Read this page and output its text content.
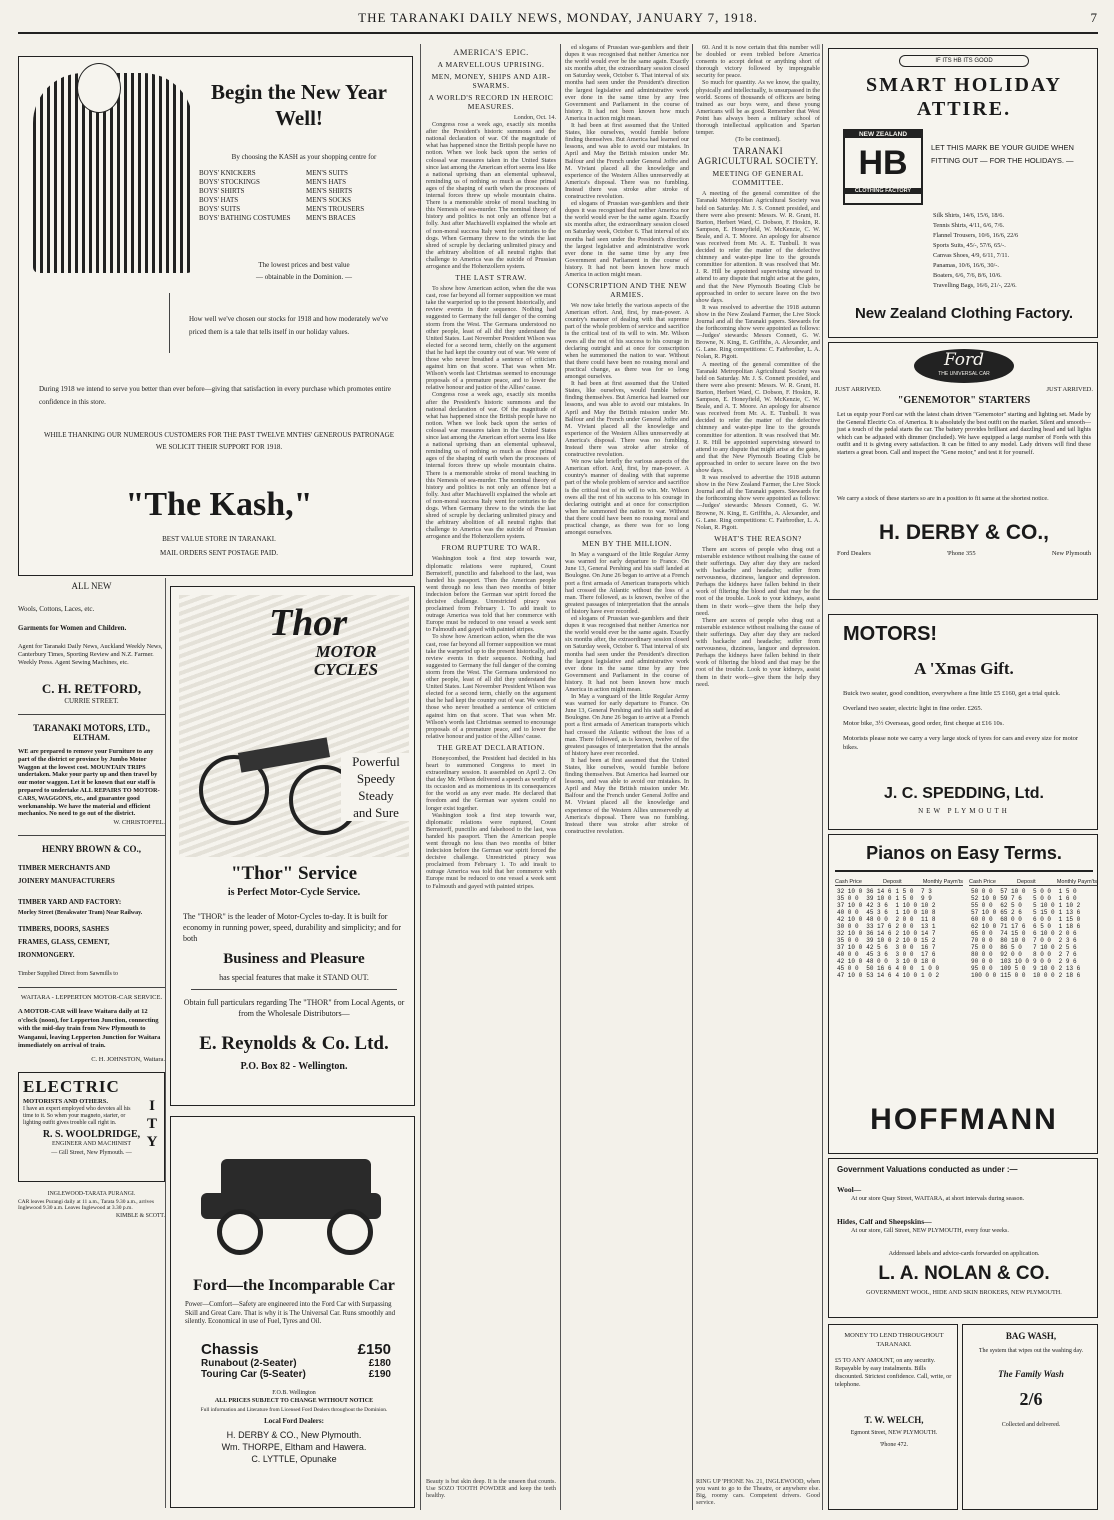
THE TARANAKI DAILY NEWS, MONDAY, JANUARY 7, 1918.	7
Begin the New Year Well!
By choosing the KASH as your shopping centre for
BOYS' KNICKERS
BOYS' STOCKINGS
BOYS' SHIRTS
BOYS' HATS
BOYS' SUITS
BOYS' BATHING COSTUMES
MEN'S SUITS
MEN'S HATS
MEN'S SHIRTS
MEN'S SOCKS
MEN'S TROUSERS
MEN'S BRACES
The lowest prices and best value
— obtainable in the Dominion. —
How well we've chosen our stocks for 1918 and how moderately we've priced them is a tale that tells itself in our holiday values.
During 1918 we intend to serve you better than ever before—giving that satisfaction in every purchase which promotes entire confidence in this store.
WHILE THANKING OUR NUMEROUS CUSTOMERS FOR THE PAST TWELVE MNTHS' GENEROUS PATRONAGE WE SOLICIT THEIR SUPPORT FOR 1918.
"The Kash,"
BEST VALUE STORE IN TARANAKI.
MAIL ORDERS SENT POSTAGE PAID.
ALL NEW
Wools, Cottons, Laces, etc.
Garments for Women and Children.
Agent for Taranaki Daily News, Auckland Weekly News, Canterbury Times, Sporting Review and N.Z. Farmer. Weekly Press. Agent Sewing Machines, etc.
C. H. RETFORD,
CURRIE STREET.
TARANAKI MOTORS, LTD.,
ELTHAM.
WE are prepared to remove your Furniture to any part of the district or province by Jumbo Motor Waggon at the lowest cost. MOUNTAIN TRIPS undertaken. Make your party up and then travel by our motor waggon. Let it be known that our staff is prepared to undertake ALL REPAIRS TO MOTOR-CARS, WAGGONS, etc., and guarantee good workmanship. We have the material and efficient mechanics. No need to go out of the district.
W. CHRISTOFFEL.
HENRY BROWN & CO.,
TIMBER MERCHANTS AND
JOINERY MANUFACTURERS
TIMBER YARD AND FACTORY:
Morley Street (Breakwater Tram) Near Railway.
TIMBERS, DOORS, SASHES
FRAMES, GLASS, CEMENT,
IRONMONGERY.
Timber Supplied Direct from Sawmills to
WAITARA - LEPPERTON MOTOR-CAR SERVICE.
A MOTOR-CAR will leave Waitara daily at 12 o'clock (noon), for Lepperton Junction, connecting with the mid-day train from New Plymouth to Wanganui, leaving Lepperton Junction for Waitara immediately on arrival of train.
C. H. JOHNSTON, Waitara.
ELECTRIC
ITY
MOTORISTS AND OTHERS.
I have an expert employed who devotes all his time to it. So when your magneto, starter, or lighting outfit gives trouble call right in.
R. S. WOOLDRIDGE,
ENGINEER AND MACHINIST
— Gill Street, New Plymouth. —
INGLEWOOD-TARATA PURANGI.
CAR leaves Purangi daily at 11 a.m., Tarata 9.30 a.m., arrives Inglewood 9.30 a.m. Leaves Inglewood at 3.30 p.m.
KIMBLE & SCOTT.
Thor
MOTOR CYCLES
Powerful
Speedy
Steady
and Sure
"Thor" Service
is Perfect Motor-Cycle Service.
The "THOR" is the leader of Motor-Cycles to-day. It is built for economy in running power, speed, durability and simplicity; and for both
Business and Pleasure
has special features that make it STAND OUT.
Obtain full particulars regarding The "THOR" from Local Agents, or from the Wholesale Distributors—
E. Reynolds & Co. Ltd.
P.O. Box 82 - Wellington.
Ford—the Incomparable Car
Power—Comfort—Safety are engineered into the Ford Car with Surpassing Skill and Great Care. That is why it is The Universal Car. Runs smoothly and silently. Economical in use of Fuel, Tyres and Oil.
Chassis	£150
Runabout (2-Seater)	£180
Touring Car (5-Seater)	£190
F.O.B. Wellington
ALL PRICES SUBJECT TO CHANGE WITHOUT NOTICE
Full information and Literature from Licensed Ford Dealers throughout the Dominion.
Local Ford Dealers:
H. DERBY & CO., New Plymouth.
Wm. THORPE, Eltham and Hawera.
C. LYTTLE, Opunake
AMERICA'S EPIC.
A MARVELLOUS UPRISING.
MEN, MONEY, SHIPS AND AIR-SWARMS.
A WORLD'S RECORD IN HEROIC MEASURES.
London, Oct. 14.

Congress rose a week ago, exactly six months after the President's historic summons and the national declaration of war. Of the magnitude of what has happened since the British people have no notion. When we look back upon the series of colossal war measures taken in the United States since last among the American effort seems less like a national uprising than an elemental upheaval, reminding us of nothing so much as those primal ages of the shaping of earth when the processes of internal forces threw up whole mountain chains. There is a memorable stroke of moral teaching in this Nemesis of sea-murder. The nominal theory of history and politics is not only an offence but a folly. Just after Machiavelli explained the whole art of non-moral success Italy went for centuries to the dogs. When Germany threw to the winds the last shred of scruple by declaring unlimited piracy and the arbitrary abolition of all neutral rights that challenge to America was the suicide of Prussian arrogance and the Hohenzollern system.

THE LAST STRAW.

To show how American action, when the die was cast, rose far beyond all former supposition we must take the warperiod up to the present historically, and review events in their sequence. Nothing had suggested to Germany the full danger of the coming storm from the West. The Germans understood no other people, least of all did they understand the United States. Last November President Wilson was elected for a second term, chiefly on the argument that he had kept the country out of war. We were of those who never breathed a sentence of criticism against him on that score. That was when Mr. Wilson's words last Christmas seemed to encourage proposals of a premature peace, and to lower the relative honour and justice of the Allies' cause.

Congress rose a week ago, exactly six months after the President's historic summons and the national declaration of war. Of the magnitude of what has happened since the British people have no notion. When we look back upon the series of colossal war measures taken in the United States since last among the American effort seems less like a national uprising than an elemental upheaval, reminding us of nothing so much as those primal ages of the shaping of earth when the processes of internal forces threw up whole mountain chains. There is a memorable stroke of moral teaching in this Nemesis of sea-murder. The nominal theory of history and politics is not only an offence but a folly. Just after Machiavelli explained the whole art of non-moral success Italy went for centuries to the dogs. When Germany threw to the winds the last shred of scruple by declaring unlimited piracy and the arbitrary abolition of all neutral rights that challenge to America was the suicide of Prussian arrogance and the Hohenzollern system.

FROM RUPTURE TO WAR.

Washington took a first step towards war, diplomatic relations were ruptured, Count Bernstorff, punctilio and falsehood to the last, was handed his passport. Then the American people went through no less than two months of bitter indecision before the German war spirit forced the decisive challenge. Unrestricted piracy was proclaimed from February 1. To add insult to outrage America was told that her commerce with Europe must be reduced to one vessel a week sent to Falmouth and gayed with painted stripes.

To show how American action, when the die was cast, rose far beyond all former supposition we must take the warperiod up to the present historically, and review events in their sequence. Nothing had suggested to Germany the full danger of the coming storm from the West. The Germans understood no other people, least of all did they understand the United States. Last November President Wilson was elected for a second term, chiefly on the argument that he had kept the country out of war. We were of those who never breathed a sentence of criticism against him on that score. That was when Mr. Wilson's words last Christmas seemed to encourage proposals of a premature peace, and to lower the relative honour and justice of the Allies' cause.

THE GREAT DECLARATION.

Honeycombed, the President had decided in his heart to summoned Congress to meet in extraordinary session. It assembled on April 2. On that day Mr. Wilson delivered a speech as worthy of its occasion and as momentous in its consequences for the world as any ever made. He declared that freedom and the German war system could no longer exist together.

Washington took a first step towards war, diplomatic relations were ruptured, Count Bernstorff, punctilio and falsehood to the last, was handed his passport. Then the American people went through no less than two months of bitter indecision before the German war spirit forced the decisive challenge. Unrestricted piracy was proclaimed from February 1. To add insult to outrage America was told that her commerce with Europe must be reduced to one vessel a week sent to Falmouth and gayed with painted stripes.

ed slogans of Prussian war-gamblers and their dupes it was recognised that neither America nor the world would ever be the same again. Exactly six months after, the extraordinary session closed on Saturday week, October 6. That interval of six months had seen under the President's direction the largest legislative and administrative work ever done in the same time by any free Government and Parliament in the course of history. It had not been known how much America in action might mean.

It had been at first assumed that the United States, like ourselves, would fumble before finding themselves. But America had learned our lessons, and was able to avoid our mistakes. In April and May the British mission under Mr. Balfour and the French under General Joffre and M. Viviani placed all the knowledge and experience of the Western Allies unreservedly at America's disposal. There was no fumbling. Instead there was stroke after stroke of constructive revolution.

ed slogans of Prussian war-gamblers and their dupes it was recognised that neither America nor the world would ever be the same again. Exactly six months after, the extraordinary session closed on Saturday week, October 6. That interval of six months had seen under the President's direction the largest legislative and administrative work ever done in the same time by any free Government and Parliament in the course of history. It had not been known how much America in action might mean.

CONSCRIPTION AND THE NEW ARMIES.

We now take briefly the various aspects of the American effort. And, first, by man-power. A country's manner of dealing with that supreme part of the whole problem of service and sacrifice is the critical test of its will to win. Mr. Wilson owes all the rest of his success to his courage in declaring outright and at once for conscription when he summoned the nation to war. Without that there could have been no rousing moral and practical change, as there was for so long amongst ourselves.

It had been at first assumed that the United States, like ourselves, would fumble before finding themselves. But America had learned our lessons, and was able to avoid our mistakes. In April and May the British mission under Mr. Balfour and the French under General Joffre and M. Viviani placed all the knowledge and experience of the Western Allies unreservedly at America's disposal. There was no fumbling. Instead there was stroke after stroke of constructive revolution.

We now take briefly the various aspects of the American effort. And, first, by man-power. A country's manner of dealing with that supreme part of the whole problem of service and sacrifice is the critical test of its will to win. Mr. Wilson owes all the rest of his success to his courage in declaring outright and at once for conscription when he summoned the nation to war. Without that there could have been no rousing moral and practical change, as there was for so long amongst ourselves.

MEN BY THE MILLION.

In May a vanguard of the little Regular Army was warned for early departure to France. On June 13, General Pershing and his staff landed at Boulogne. On June 26 began to arrive at a French port a first armada of American transports which had crossed the Atlantic without the loss of a man. There followed, as is known, twelve of the greatest passages of interpretation that the annals of history have ever recorded.

ed slogans of Prussian war-gamblers and their dupes it was recognised that neither America nor the world would ever be the same again. Exactly six months after, the extraordinary session closed on Saturday week, October 6. That interval of six months had seen under the President's direction the largest legislative and administrative work ever done in the same time by any free Government and Parliament in the course of history. It had not been known how much America in action might mean.

In May a vanguard of the little Regular Army was warned for early departure to France. On June 13, General Pershing and his staff landed at Boulogne. On June 26 began to arrive at a French port a first armada of American transports which had crossed the Atlantic without the loss of a man. There followed, as is known, twelve of the greatest passages of interpretation that the annals of history have ever recorded.

It had been at first assumed that the United States, like ourselves, would fumble before finding themselves. But America had learned our lessons, and was able to avoid our mistakes. In April and May the British mission under Mr. Balfour and the French under General Joffre and M. Viviani placed all the knowledge and experience of the Western Allies unreservedly at America's disposal. There was no fumbling. Instead there was stroke after stroke of constructive revolution.

60. And it is now certain that this number will be doubled or even trebled before America consents to accept defeat or anything short of thorough victory followed by impregnable security for peace.

So much for quantity. As we know, the quality, physically and intellectually, is unsurpassed in the world. Scores of thousands of officers are being trained as our boys were, and these young Americans will be as good. Remember that West Point has always been a military school of thorough intellectual application and Spartan temper.

(To be continued).
TARANAKI AGRICULTURAL SOCIETY.
MEETING OF GENERAL COMMITTEE.

A meeting of the general committee of the Taranaki Metropolitan Agricultural Society was held on Saturday. Mr. J. S. Connett presided, and there were also present: Messrs. W. R. Grant, H. Burton, Herbert Ward, C. Dobson, F. Hoskin, R. Sampson, E. Honeyfield, W. McKenzie, C. W. Beale, and A. T. Moore. An apology for absence was received from Mr. A. E. Tunbull. It was decided to refer the matter of the defective chimney and water-pipe line to the grounds committee for attention. It was resolved that Mr. J. R. Hill be appointed supervising steward to attend to any dispute that might arise at the gates, and that the New Plymouth Boating Club be approached in order to secure leave on the two show days.

It was resolved to advertise the 1918 autumn show in the New Zealand Farmer, the Live Stock Journal and all the Taranaki papers. Stewards for the forthcoming show were appointed as follows:—Judges' stewards: Messrs Connett, G. W. Browne, N. King, E. Griffiths, A. Alexander, and G. Lane. Ring competitions: C. Fairbrother, L. A. Nolan, R. Pigott.

A meeting of the general committee of the Taranaki Metropolitan Agricultural Society was held on Saturday. Mr. J. S. Connett presided, and there were also present: Messrs. W. R. Grant, H. Burton, Herbert Ward, C. Dobson, F. Hoskin, R. Sampson, E. Honeyfield, W. McKenzie, C. W. Beale, and A. T. Moore. An apology for absence was received from Mr. A. E. Tunbull. It was decided to refer the matter of the defective chimney and water-pipe line to the grounds committee for attention. It was resolved that Mr. J. R. Hill be appointed supervising steward to attend to any dispute that might arise at the gates, and that the New Plymouth Boating Club be approached in order to secure leave on the two show days.

It was resolved to advertise the 1918 autumn show in the New Zealand Farmer, the Live Stock Journal and all the Taranaki papers. Stewards for the forthcoming show were appointed as follows:—Judges' stewards: Messrs Connett, G. W. Browne, N. King, E. Griffiths, A. Alexander, and G. Lane. Ring competitions: C. Fairbrother, L. A. Nolan, R. Pigott.

WHAT'S THE REASON?

There are scores of people who drag out a miserable existence without realising the cause of their sufferings. Day after day they are racked with backache and headache; suffer from nervousness, dizziness, languor and depression. Perhaps the kidneys have fallen behind in their work of filtering the blood and that may be the root of the trouble. Look to your kidneys, assist them in their work—give them the help they need.

There are scores of people who drag out a miserable existence without realising the cause of their sufferings. Day after day they are racked with backache and headache; suffer from nervousness, dizziness, languor and depression. Perhaps the kidneys have fallen behind in their work of filtering the blood and that may be the root of the trouble. Look to your kidneys, assist them in their work—give them the help they need.

IF ITS HB ITS GOOD
SMART HOLIDAY ATTIRE.
NEW ZEALAND
HB
CLOTHING FACTORY
LET THIS MARK BE YOUR GUIDE WHEN FITTING OUT — FOR THE HOLIDAYS. —
Silk Shirts, 14/6, 15/6, 18/6.
Tennis Shirts, 4/11, 6/6, 7/6.
Flannel Trousers, 10/6, 16/6, 22/6
Sports Suits, 45/-, 57/6, 65/-.
Canvas Shoes, 4/9, 6/11, 7/11.
Panamas, 10/6, 16/6, 30/-.
Boaters, 6/6, 7/6, 8/6, 10/6.
Travelling Bags, 16/6, 21/-, 22/6.
New Zealand Clothing Factory.
Ford
THE UNIVERSAL CAR
JUST ARRIVED.	JUST ARRIVED.
"GENEMOTOR" STARTERS
Let us equip your Ford car with the latest chain driven "Genemotor" starting and lighting set. Made by the General Electric Co. of America. It is absolutely the best outfit on the market. Silent and smooth—just a touch of the pedal starts the car. The battery provides brilliant and dazzling head and tail lights which can be adjusted with dimmer (included). We have equipped a large number of Fords with this outfit and it is giving every satisfaction. It can be fitted to any model. Lady drivers will find these starters a great boon. Call and inspect the "Gene motor," and test it for yourself.
We carry a stock of these starters so are in a position to fit same at the shortest notice.
H. DERBY & CO.,
Ford Dealers	'Phone 355	New Plymouth
MOTORS!
A 'Xmas Gift.
Buick two seater, good condition, everywhere a fine little £5 £160, get a trial quick.
Overland two seater, electric light in fine order. £265.
Motor bike, 3½ Overseas, good order, first cheque at £16 10s.
Motorists please note we carry a very large stock of tyres for cars and every size for motor bikes.
J. C. SPEDDING, Ltd.
NEW PLYMOUTH
Pianos on Easy Terms.
Cash Price	Deposit	Monthly Paym'ts
32 10 0	36 14 6	1 5 0	7 3
35 0 0	39 10 0	1 5 0	9 9
37 10 0	42 3 6	1 10 0	10 2
40 0 0	45 3 6	1 10 0	10 8
42 10 0	48 0 0	2 0 0	11 8
30 0 0	33 17 6	2 0 0	13 1
32 10 0	36 14 6	2 10 0	14 7
35 0 0	39 10 0	2 10 0	15 2
37 10 0	42 5 6	3 0 0	16 7
40 0 0	45 3 6	3 0 0	17 6
42 10 0	48 0 0	3 10 0	18 0
45 0 0	50 16 6	4 0 0	1 0 0
47 10 0	53 14 6	4 10 0	1 0 2
Cash Price	Deposit	Monthly Paym'ts
50 0 0	57 10 0	5 0 0	1 5 0
52 10 0	59 7 6	5 0 0	1 6 0
55 0 0	62 5 0	5 10 0	1 10 2
57 10 0	65 2 6	5 15 0	1 13 6
60 0 0	68 0 0	6 0 0	1 15 0
62 10 0	71 17 6	6 5 0	1 18 6
65 0 0	74 15 0	6 10 0	2 0 6
70 0 0	80 10 0	7 0 0	2 3 6
75 0 0	86 5 0	7 10 0	2 5 6
80 0 0	92 0 0	8 0 0	2 7 6
90 0 0	103 10 0	9 0 0	2 9 6
95 0 0	109 5 0	9 10 0	2 13 6
100 0 0	115 0 0	10 0 0	2 18 6
HOFFMANN
Government Valuations conducted as under :—
Wool—
At our store Quay Street, WAITARA, at short intervals during season.
Hides, Calf and Sheepskins—
At our store, Gill Street, NEW PLYMOUTH, every four weeks.
Addressed labels and advice-cards forwarded on application.
L. A. NOLAN & CO.
GOVERNMENT WOOL, HIDE AND SKIN BROKERS, NEW PLYMOUTH.
MONEY TO LEND THROUGHOUT TARANAKI.
£5 TO ANY AMOUNT, on any security. Repayable by easy instalments. Bills discounted. Strictest confidence. Call, write, or telephone.
T. W. WELCH,
Egmont Street, NEW PLYMOUTH.
'Phone 472.
BAG WASH,
The system that wipes out the washing day.
The Family Wash
2/6
Collected and delivered.
Beauty is but skin deep. It is the unseen that counts. Use SOZO TOOTH POWDER and keep the teeth healthy.
RING UP 'PHONE No. 21, INGLEWOOD, when you want to go to the Theatre, or anywhere else. Big, roomy cars. Competent drivers. Good service.
